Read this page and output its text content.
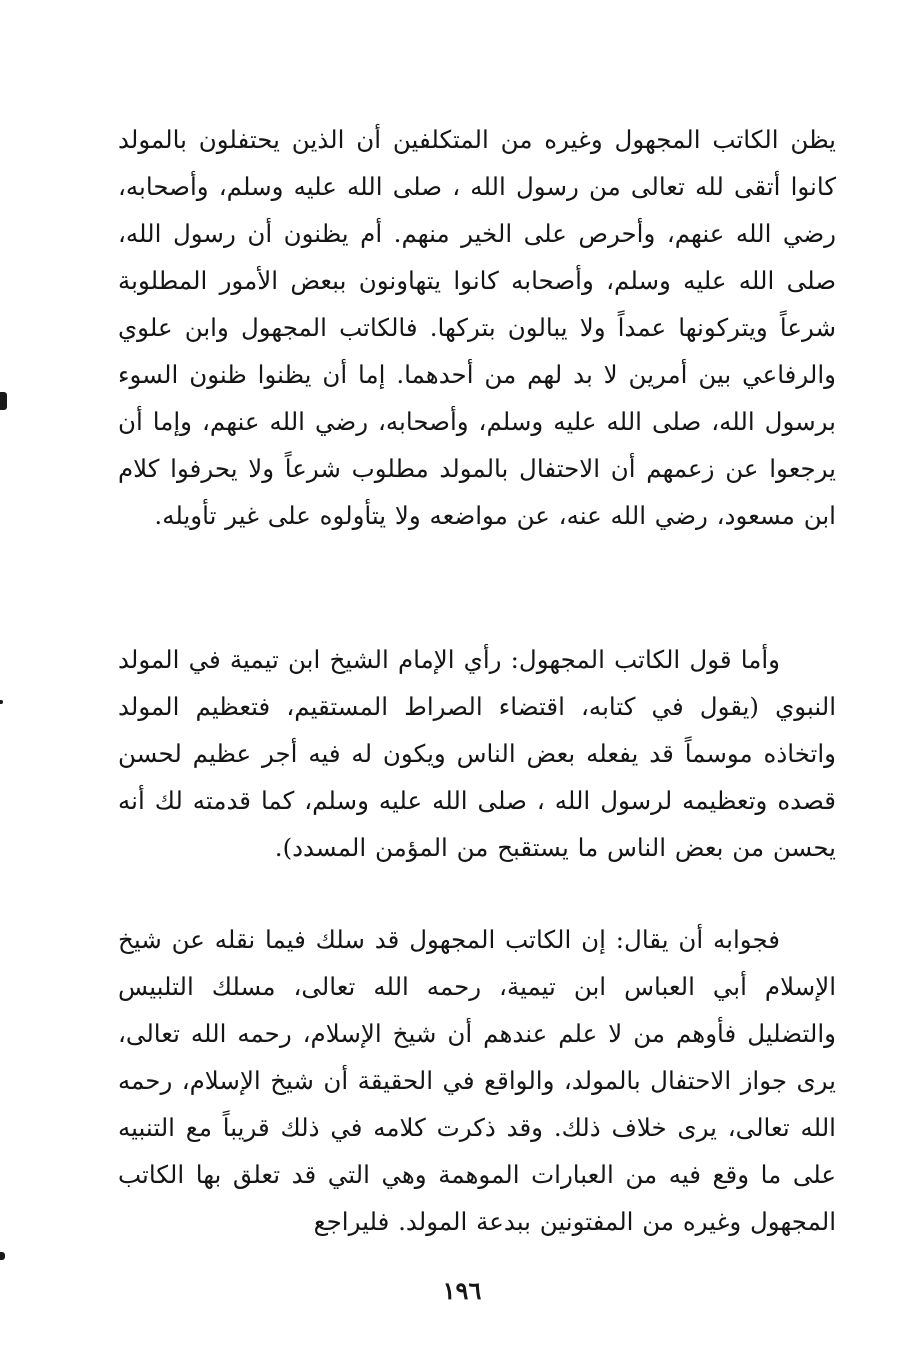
يظن الكاتب المجهول وغيره من المتكلفين أن الذين يحتفلون بالمولد كانوا أتقى لله تعالى من رسول الله ، صلى الله عليه وسلم، وأصحابه، رضي الله عنهم، وأحرص على الخير منهم. أم يظنون أن رسول الله، صلى الله عليه وسلم، وأصحابه كانوا يتهاونون ببعض الأمور المطلوبة شرعاً ويتركونها عمداً ولا يبالون بتركها. فالكاتب المجهول وابن علوي والرفاعي بين أمرين لا بد لهم من أحدهما. إما أن يظنوا ظنون السوء برسول الله، صلى الله عليه وسلم، وأصحابه، رضي الله عنهم، وإما أن يرجعوا عن زعمهم أن الاحتفال بالمولد مطلوب شرعاً ولا يحرفوا كلام ابن مسعود، رضي الله عنه، عن مواضعه ولا يتأولوه على غير تأويله.

وأما قول الكاتب المجهول: رأي الإمام الشيخ ابن تيمية في المولد النبوي (يقول في كتابه، اقتضاء الصراط المستقيم، فتعظيم المولد واتخاذه موسماً قد يفعله بعض الناس ويكون له فيه أجر عظيم لحسن قصده وتعظيمه لرسول الله ، صلى الله عليه وسلم، كما قدمته لك أنه يحسن من بعض الناس ما يستقبح من المؤمن المسدد).

فجوابه أن يقال: إن الكاتب المجهول قد سلك فيما نقله عن شيخ الإسلام أبي العباس ابن تيمية، رحمه الله تعالى، مسلك التلبيس والتضليل فأوهم من لا علم عندهم أن شيخ الإسلام، رحمه الله تعالى، يرى جواز الاحتفال بالمولد، والواقع في الحقيقة أن شيخ الإسلام، رحمه الله تعالى، يرى خلاف ذلك. وقد ذكرت كلامه في ذلك قريباً مع التنبيه على ما وقع فيه من العبارات الموهمة وهي التي قد تعلق بها الكاتب المجهول وغيره من المفتونين ببدعة المولد. فليراجع

١٩٦
